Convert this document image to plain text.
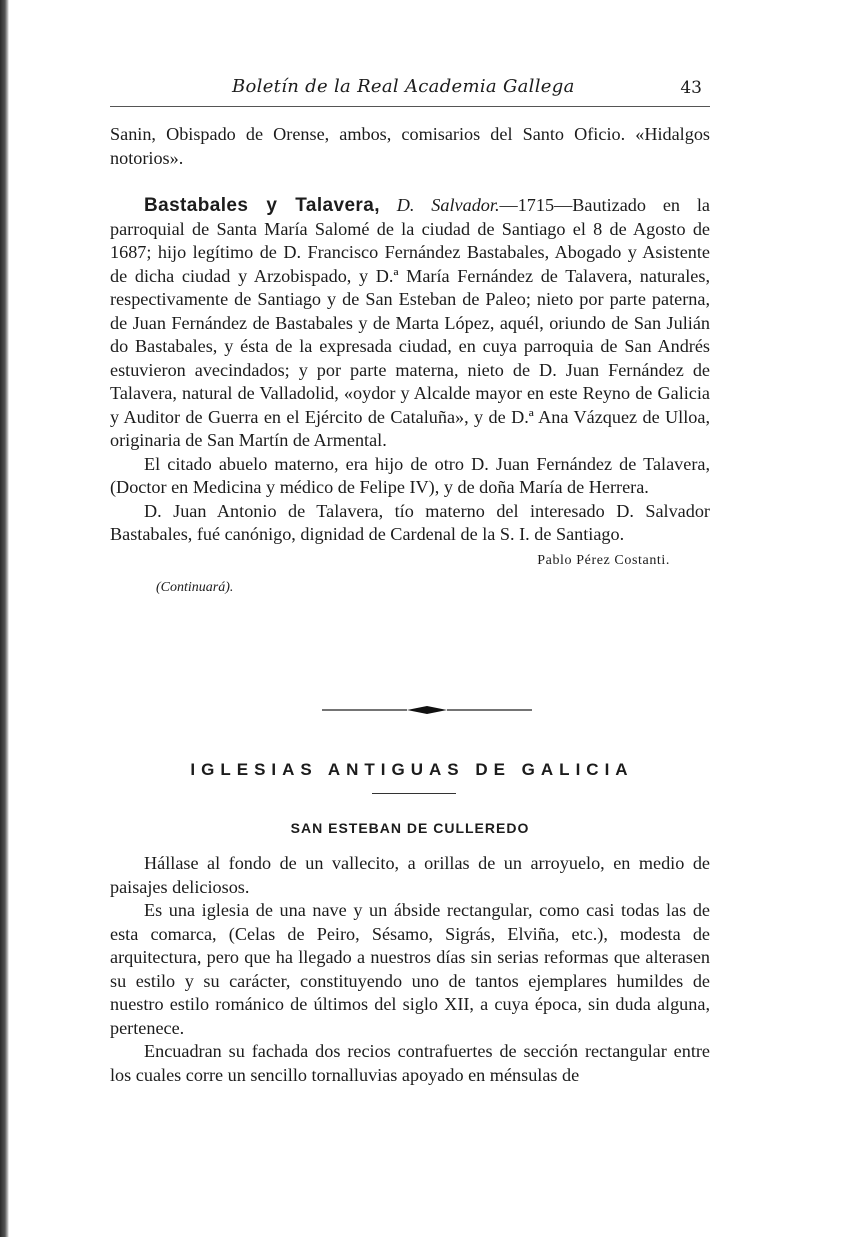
Boletín de la Real Academia Gallega	43

Sanin, Obispado de Orense, ambos, comisarios del Santo Oficio. «Hidalgos notorios».

Bastabales y Talavera, D. Salvador.—1715—Bautizado en la parroquial de Santa María Salomé de la ciudad de Santiago el 8 de Agosto de 1687; hijo legítimo de D. Francisco Fernández Bastabales, Abogado y Asistente de dicha ciudad y Arzobispado, y D.ª María Fernández de Talavera, naturales, respectivamente de Santiago y de San Esteban de Paleo; nieto por parte paterna, de Juan Fernández de Bastabales y de Marta López, aquél, oriundo de San Julián do Bastabales, y ésta de la expresada ciudad, en cuya parroquia de San Andrés estuvieron avecindados; y por parte materna, nieto de D. Juan Fernández de Talavera, natural de Valladolid, «oydor y Alcalde mayor en este Reyno de Galicia y Auditor de Guerra en el Ejército de Cataluña», y de D.ª Ana Vázquez de Ulloa, originaria de San Martín de Armental.

El citado abuelo materno, era hijo de otro D. Juan Fernández de Talavera, (Doctor en Medicina y médico de Felipe IV), y de doña María de Herrera.

D. Juan Antonio de Talavera, tío materno del interesado D. Salvador Bastabales, fué canónigo, dignidad de Cardenal de la S. I. de Santiago.

Pablo Pérez Costanti.

(Continuará).

IGLESIAS ANTIGUAS DE GALICIA
SAN ESTEBAN DE CULLEREDO

Hállase al fondo de un vallecito, a orillas de un arroyuelo, en medio de paisajes deliciosos.

Es una iglesia de una nave y un ábside rectangular, como casi todas las de esta comarca, (Celas de Peiro, Sésamo, Sigrás, Elviña, etc.), modesta de arquitectura, pero que ha llegado a nuestros días sin serias reformas que alterasen su estilo y su carácter, constituyendo uno de tantos ejemplares humildes de nuestro estilo románico de últimos del siglo XII, a cuya época, sin duda alguna, pertenece.

Encuadran su fachada dos recios contrafuertes de sección rectangular entre los cuales corre un sencillo tornalluvias apoyado en ménsulas de
